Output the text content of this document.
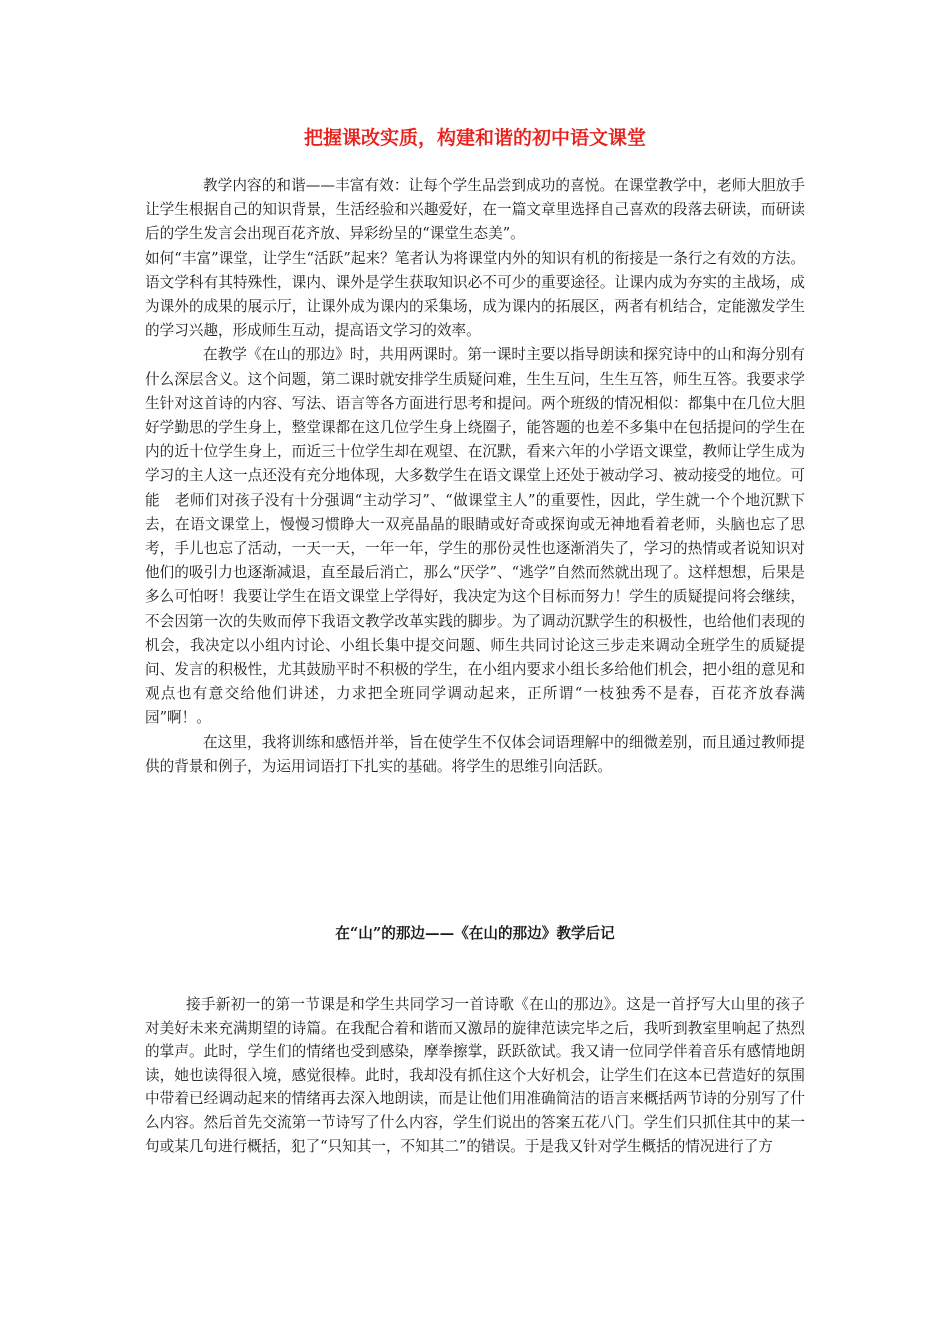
把握课改实质，构建和谐的初中语文课堂

教学内容的和谐——丰富有效：让每个学生品尝到成功的喜悦。在课堂教学中，老师大胆放手让学生根据自己的知识背景，生活经验和兴趣爱好，在一篇文章里选择自己喜欢的段落去研读，而研读后的学生发言会出现百花齐放、异彩纷呈的“课堂生态美”。

如何“丰富”课堂，让学生“活跃”起来？笔者认为将课堂内外的知识有机的衔接是一条行之有效的方法。语文学科有其特殊性，课内、课外是学生获取知识必不可少的重要途径。让课内成为夯实的主战场，成为课外的成果的展示厅，让课外成为课内的采集场，成为课内的拓展区，两者有机结合，定能激发学生的学习兴趣，形成师生互动，提高语文学习的效率。

在教学《在山的那边》时，共用两课时。第一课时主要以指导朗读和探究诗中的山和海分别有什么深层含义。这个问题，第二课时就安排学生质疑问难，生生互问，生生互答，师生互答。我要求学生针对这首诗的内容、写法、语言等各方面进行思考和提问。两个班级的情况相似：都集中在几位大胆好学勤思的学生身上，整堂课都在这几位学生身上绕圈子，能答题的也差不多集中在包括提问的学生在内的近十位学生身上，而近三十位学生却在观望、在沉默，看来六年的小学语文课堂，教师让学生成为学习的主人这一点还没有充分地体现，大多数学生在语文课堂上还处于被动学习、被动接受的地位。可　能　老师们对孩子没有十分强调“主动学习”、“做课堂主人”的重要性，因此，学生就一个个地沉默下去，在语文课堂上，慢慢习惯睁大一双亮晶晶的眼睛或好奇或探询或无神地看着老师，头脑也忘了思考，手儿也忘了活动，一天一天，一年一年，学生的那份灵性也逐渐消失了，学习的热情或者说知识对他们的吸引力也逐渐减退，直至最后消亡，那么“厌学”、“逃学”自然而然就出现了。这样想想，后果是多么可怕呀！我要让学生在语文课堂上学得好，我决定为这个目标而努力！学生的质疑提问将会继续，不会因第一次的失败而停下我语文教学改革实践的脚步。为了调动沉默学生的积极性，也给他们表现的机会，我决定以小组内讨论、小组长集中提交问题、师生共同讨论这三步走来调动全班学生的质疑提问、发言的积极性，尤其鼓励平时不积极的学生，在小组内要求小组长多给他们机会，把小组的意见和观点也有意交给他们讲述，力求把全班同学调动起来，正所谓“一枝独秀不是春，百花齐放春满园”啊！。

在这里，我将训练和感悟并举，旨在使学生不仅体会词语理解中的细微差别，而且通过教师提供的背景和例子，为运用词语打下扎实的基础。将学生的思维引向活跃。

在“山”的那边——《在山的那边》教学后记

接手新初一的第一节课是和学生共同学习一首诗歌《在山的那边》。这是一首抒写大山里的孩子对美好未来充满期望的诗篇。在我配合着和谐而又激昂的旋律范读完毕之后，我听到教室里响起了热烈的掌声。此时，学生们的情绪也受到感染，摩拳擦掌，跃跃欲试。我又请一位同学伴着音乐有感情地朗读，她也读得很入境，感觉很棒。此时，我却没有抓住这个大好机会，让学生们在这本已营造好的氛围中带着已经调动起来的情绪再去深入地朗读，而是让他们用准确简洁的语言来概括两节诗的分别写了什么内容。然后首先交流第一节诗写了什么内容，学生们说出的答案五花八门。学生们只抓住其中的某一句或某几句进行概括，犯了“只知其一，不知其二”的错误。于是我又针对学生概括的情况进行了方
